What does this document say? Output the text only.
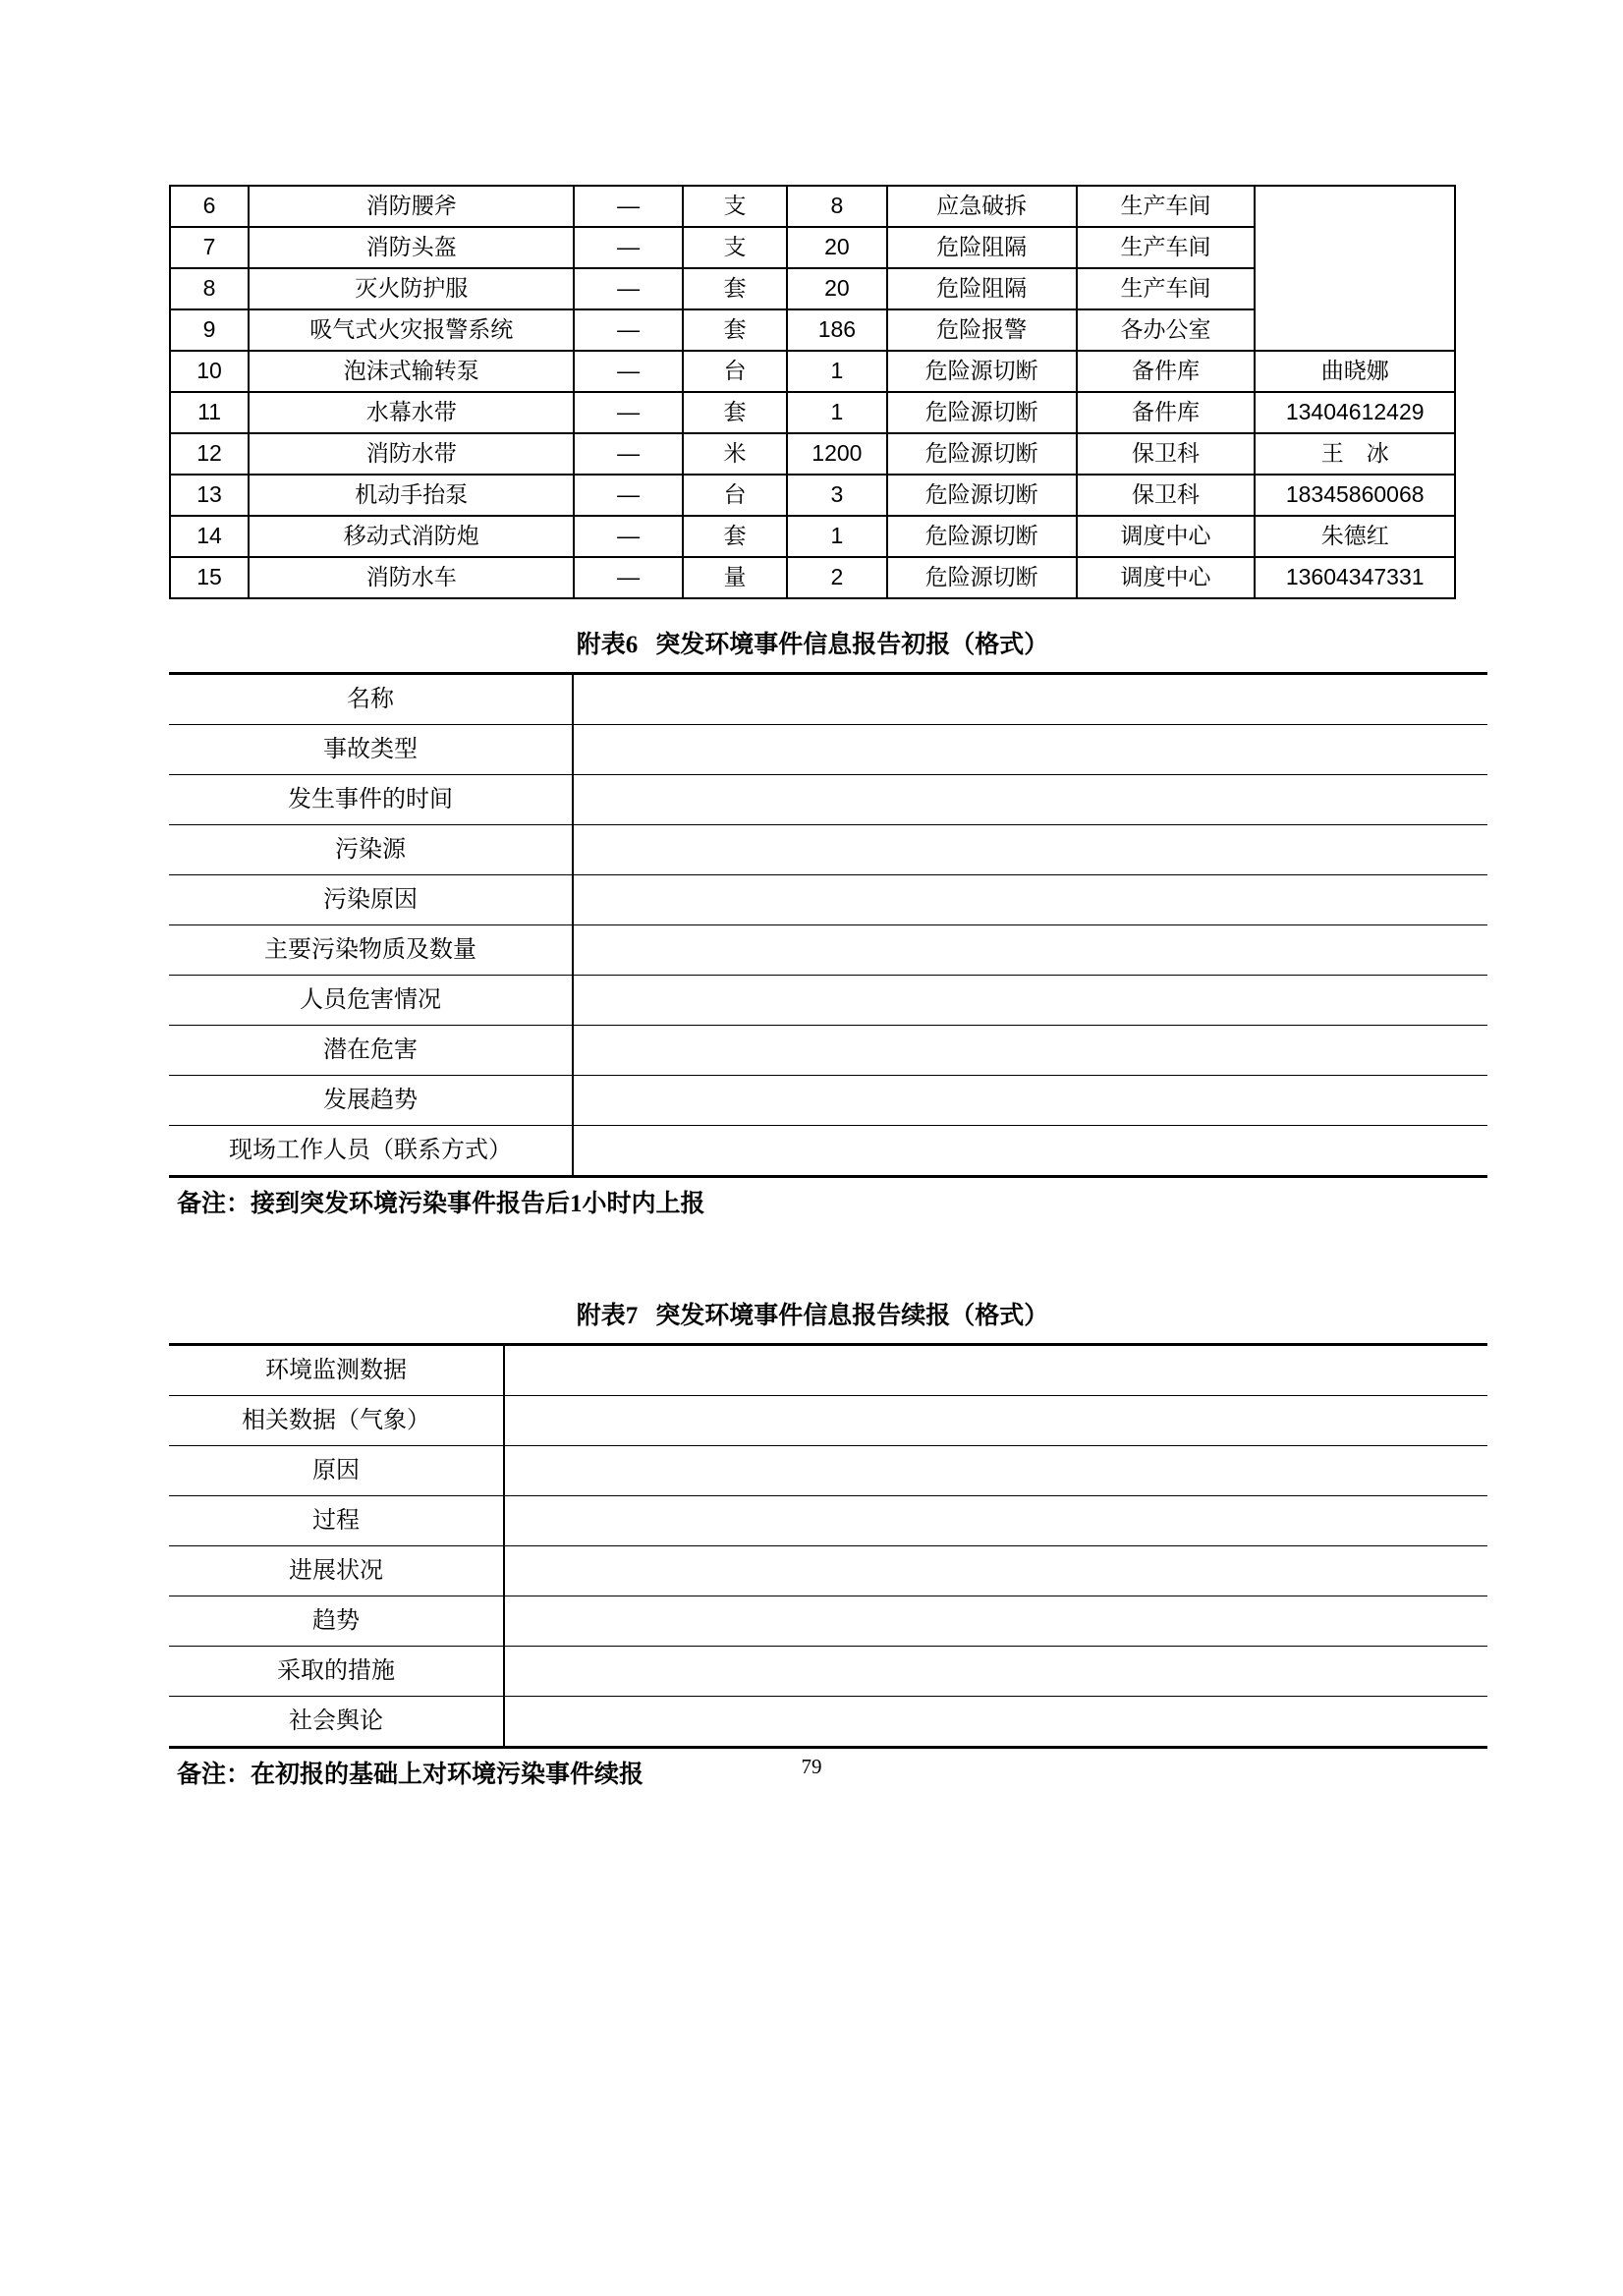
6	消防腰斧	—	支	8	应急破拆	生产车间	
7	消防头盔	—	支	20	危险阻隔	生产车间	
8	灭火防护服	—	套	20	危险阻隔	生产车间	
9	吸气式火灾报警系统	—	套	186	危险报警	各办公室	
10	泡沫式输转泵	—	台	1	危险源切断	备件库	曲晓娜
11	水幕水带	—	套	1	危险源切断	备件库	13404612429
12	消防水带	—	米	1200	危险源切断	保卫科	王　冰
13	机动手抬泵	—	台	3	危险源切断	保卫科	18345860068
14	移动式消防炮	—	套	1	危险源切断	调度中心	朱德红
15	消防水车	—	量	2	危险源切断	调度中心	13604347331
附表6 突发环境事件信息报告初报（格式）
名称	
事故类型	
发生事件的时间	
污染源	
污染原因	
主要污染物质及数量	
人员危害情况	
潜在危害	
发展趋势	
现场工作人员（联系方式）	
备注：接到突发环境污染事件报告后1小时内上报
附表7 突发环境事件信息报告续报（格式）
环境监测数据	
相关数据（气象）	
原因	
过程	
进展状况	
趋势	
采取的措施	
社会舆论	
备注：在初报的基础上对环境污染事件续报	79
